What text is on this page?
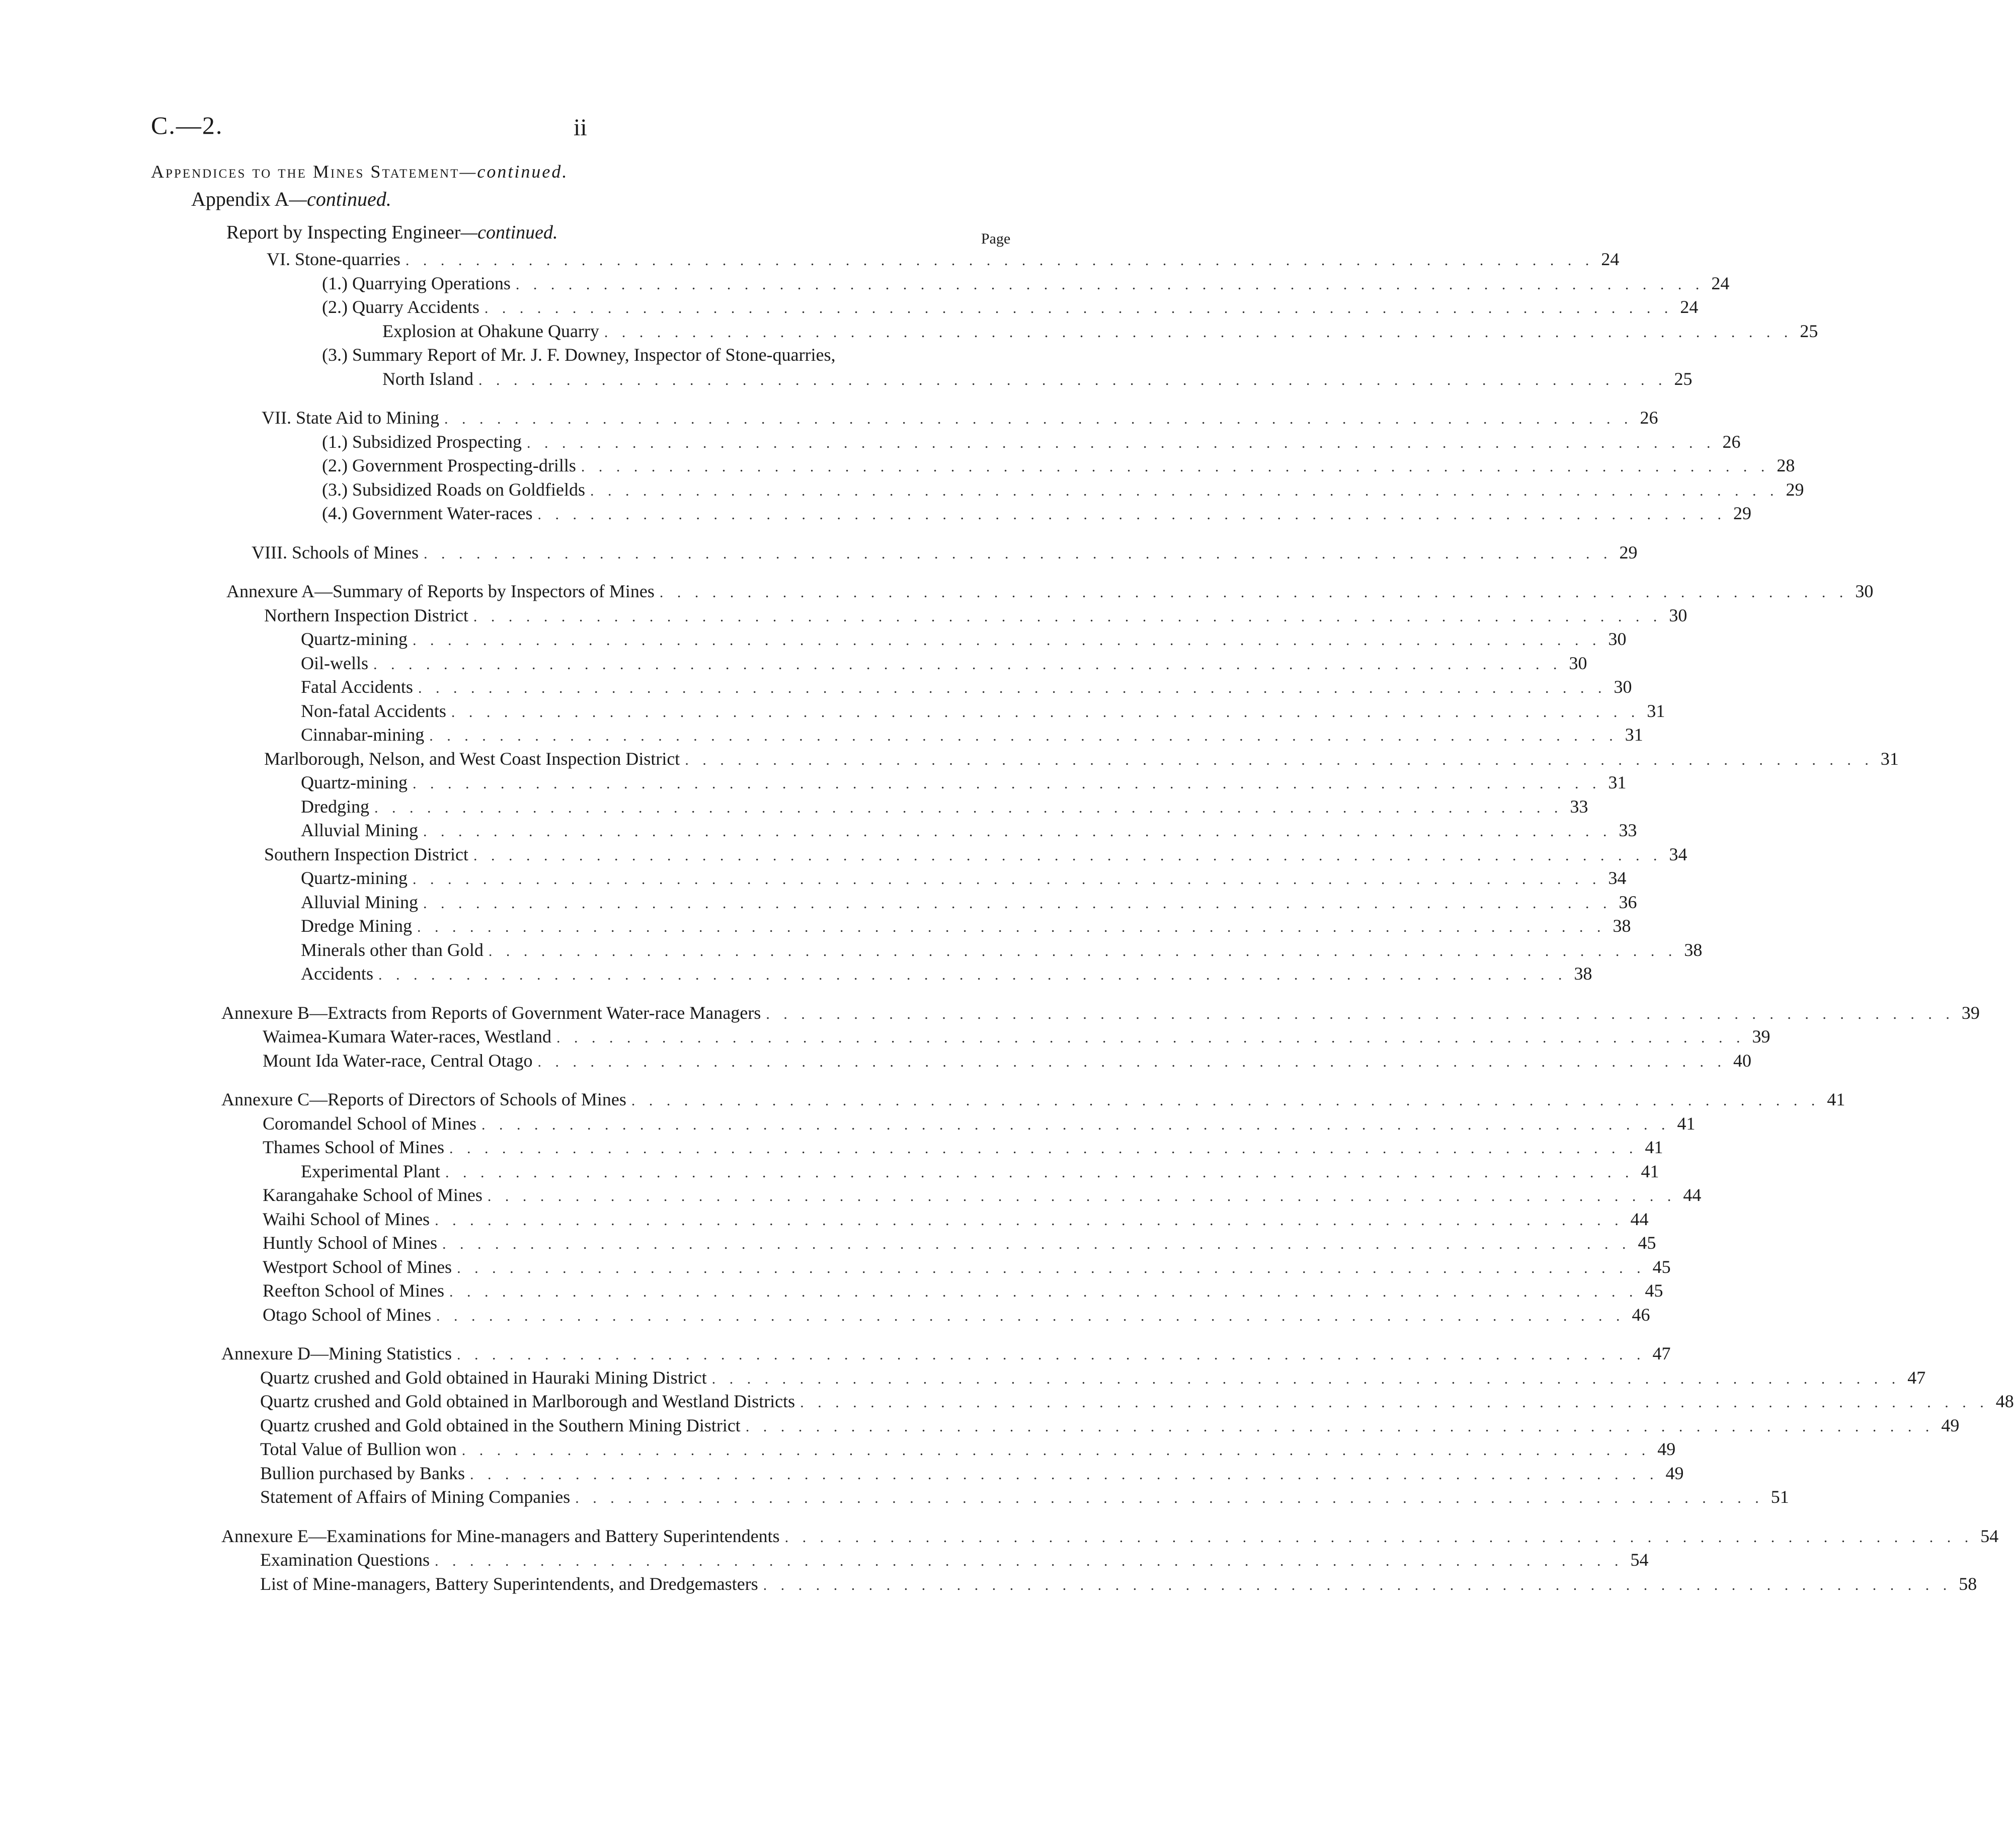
C.—2.	ii
Appendices to the Mines Statement—continued.
Appendix A—continued.
Report by Inspecting Engineer—continued.	Page
VI. Stone-quarries . . . . . . . . . . . . . . . . . . . . . . . . . . . . . . . . . . . . . . . . . . . . . . . . . . . . . . . . . . . . . . . . . . . . 24
(1.) Quarrying Operations . . . . . . . . . . . . . . . . . . . . . . . . . . . . . . . . . . . . . . . . . . . . . . . . . . . . . . . . . . . . . . . . . . . . 24
(2.) Quarry Accidents . . . . . . . . . . . . . . . . . . . . . . . . . . . . . . . . . . . . . . . . . . . . . . . . . . . . . . . . . . . . . . . . . . . . 24
Explosion at Ohakune Quarry . . . . . . . . . . . . . . . . . . . . . . . . . . . . . . . . . . . . . . . . . . . . . . . . . . . . . . . . . . . . . . . . . . . . 25
(3.) Summary Report of Mr. J. F. Downey, Inspector of Stone-quarries,
North Island . . . . . . . . . . . . . . . . . . . . . . . . . . . . . . . . . . . . . . . . . . . . . . . . . . . . . . . . . . . . . . . . . . . . 25
VII. State Aid to Mining . . . . . . . . . . . . . . . . . . . . . . . . . . . . . . . . . . . . . . . . . . . . . . . . . . . . . . . . . . . . . . . . . . . . 26
(1.) Subsidized Prospecting . . . . . . . . . . . . . . . . . . . . . . . . . . . . . . . . . . . . . . . . . . . . . . . . . . . . . . . . . . . . . . . . . . . . 26
(2.) Government Prospecting-drills . . . . . . . . . . . . . . . . . . . . . . . . . . . . . . . . . . . . . . . . . . . . . . . . . . . . . . . . . . . . . . . . . . . . 28
(3.) Subsidized Roads on Goldfields . . . . . . . . . . . . . . . . . . . . . . . . . . . . . . . . . . . . . . . . . . . . . . . . . . . . . . . . . . . . . . . . . . . . 29
(4.) Government Water-races . . . . . . . . . . . . . . . . . . . . . . . . . . . . . . . . . . . . . . . . . . . . . . . . . . . . . . . . . . . . . . . . . . . . 29
VIII. Schools of Mines . . . . . . . . . . . . . . . . . . . . . . . . . . . . . . . . . . . . . . . . . . . . . . . . . . . . . . . . . . . . . . . . . . . . 29
Annexure A—Summary of Reports by Inspectors of Mines . . . . . . . . . . . . . . . . . . . . . . . . . . . . . . . . . . . . . . . . . . . . . . . . . . . . . . . . . . . . . . . . . . . . 30
Northern Inspection District . . . . . . . . . . . . . . . . . . . . . . . . . . . . . . . . . . . . . . . . . . . . . . . . . . . . . . . . . . . . . . . . . . . . 30
Quartz-mining . . . . . . . . . . . . . . . . . . . . . . . . . . . . . . . . . . . . . . . . . . . . . . . . . . . . . . . . . . . . . . . . . . . . 30
Oil-wells . . . . . . . . . . . . . . . . . . . . . . . . . . . . . . . . . . . . . . . . . . . . . . . . . . . . . . . . . . . . . . . . . . . . 30
Fatal Accidents . . . . . . . . . . . . . . . . . . . . . . . . . . . . . . . . . . . . . . . . . . . . . . . . . . . . . . . . . . . . . . . . . . . . 30
Non-fatal Accidents . . . . . . . . . . . . . . . . . . . . . . . . . . . . . . . . . . . . . . . . . . . . . . . . . . . . . . . . . . . . . . . . . . . . 31
Cinnabar-mining . . . . . . . . . . . . . . . . . . . . . . . . . . . . . . . . . . . . . . . . . . . . . . . . . . . . . . . . . . . . . . . . . . . . 31
Marlborough, Nelson, and West Coast Inspection District . . . . . . . . . . . . . . . . . . . . . . . . . . . . . . . . . . . . . . . . . . . . . . . . . . . . . . . . . . . . . . . . . . . . 31
Quartz-mining . . . . . . . . . . . . . . . . . . . . . . . . . . . . . . . . . . . . . . . . . . . . . . . . . . . . . . . . . . . . . . . . . . . . 31
Dredging . . . . . . . . . . . . . . . . . . . . . . . . . . . . . . . . . . . . . . . . . . . . . . . . . . . . . . . . . . . . . . . . . . . . 33
Alluvial Mining . . . . . . . . . . . . . . . . . . . . . . . . . . . . . . . . . . . . . . . . . . . . . . . . . . . . . . . . . . . . . . . . . . . . 33
Southern Inspection District . . . . . . . . . . . . . . . . . . . . . . . . . . . . . . . . . . . . . . . . . . . . . . . . . . . . . . . . . . . . . . . . . . . . 34
Quartz-mining . . . . . . . . . . . . . . . . . . . . . . . . . . . . . . . . . . . . . . . . . . . . . . . . . . . . . . . . . . . . . . . . . . . . 34
Alluvial Mining . . . . . . . . . . . . . . . . . . . . . . . . . . . . . . . . . . . . . . . . . . . . . . . . . . . . . . . . . . . . . . . . . . . . 36
Dredge Mining . . . . . . . . . . . . . . . . . . . . . . . . . . . . . . . . . . . . . . . . . . . . . . . . . . . . . . . . . . . . . . . . . . . . 38
Minerals other than Gold . . . . . . . . . . . . . . . . . . . . . . . . . . . . . . . . . . . . . . . . . . . . . . . . . . . . . . . . . . . . . . . . . . . . 38
Accidents . . . . . . . . . . . . . . . . . . . . . . . . . . . . . . . . . . . . . . . . . . . . . . . . . . . . . . . . . . . . . . . . . . . . 38
Annexure B—Extracts from Reports of Government Water-race Managers . . . . . . . . . . . . . . . . . . . . . . . . . . . . . . . . . . . . . . . . . . . . . . . . . . . . . . . . . . . . . . . . . . . . 39
Waimea-Kumara Water-races, Westland . . . . . . . . . . . . . . . . . . . . . . . . . . . . . . . . . . . . . . . . . . . . . . . . . . . . . . . . . . . . . . . . . . . . 39
Mount Ida Water-race, Central Otago . . . . . . . . . . . . . . . . . . . . . . . . . . . . . . . . . . . . . . . . . . . . . . . . . . . . . . . . . . . . . . . . . . . . 40
Annexure C—Reports of Directors of Schools of Mines . . . . . . . . . . . . . . . . . . . . . . . . . . . . . . . . . . . . . . . . . . . . . . . . . . . . . . . . . . . . . . . . . . . . 41
Coromandel School of Mines . . . . . . . . . . . . . . . . . . . . . . . . . . . . . . . . . . . . . . . . . . . . . . . . . . . . . . . . . . . . . . . . . . . . 41
Thames School of Mines . . . . . . . . . . . . . . . . . . . . . . . . . . . . . . . . . . . . . . . . . . . . . . . . . . . . . . . . . . . . . . . . . . . . 41
Experimental Plant . . . . . . . . . . . . . . . . . . . . . . . . . . . . . . . . . . . . . . . . . . . . . . . . . . . . . . . . . . . . . . . . . . . . 41
Karangahake School of Mines . . . . . . . . . . . . . . . . . . . . . . . . . . . . . . . . . . . . . . . . . . . . . . . . . . . . . . . . . . . . . . . . . . . . 44
Waihi School of Mines . . . . . . . . . . . . . . . . . . . . . . . . . . . . . . . . . . . . . . . . . . . . . . . . . . . . . . . . . . . . . . . . . . . . 44
Huntly School of Mines . . . . . . . . . . . . . . . . . . . . . . . . . . . . . . . . . . . . . . . . . . . . . . . . . . . . . . . . . . . . . . . . . . . . 45
Westport School of Mines . . . . . . . . . . . . . . . . . . . . . . . . . . . . . . . . . . . . . . . . . . . . . . . . . . . . . . . . . . . . . . . . . . . . 45
Reefton School of Mines . . . . . . . . . . . . . . . . . . . . . . . . . . . . . . . . . . . . . . . . . . . . . . . . . . . . . . . . . . . . . . . . . . . . 45
Otago School of Mines . . . . . . . . . . . . . . . . . . . . . . . . . . . . . . . . . . . . . . . . . . . . . . . . . . . . . . . . . . . . . . . . . . . . 46
Annexure D—Mining Statistics . . . . . . . . . . . . . . . . . . . . . . . . . . . . . . . . . . . . . . . . . . . . . . . . . . . . . . . . . . . . . . . . . . . . 47
Quartz crushed and Gold obtained in Hauraki Mining District . . . . . . . . . . . . . . . . . . . . . . . . . . . . . . . . . . . . . . . . . . . . . . . . . . . . . . . . . . . . . . . . . . . . 47
Quartz crushed and Gold obtained in Marlborough and Westland Districts . . . . . . . . . . . . . . . . . . . . . . . . . . . . . . . . . . . . . . . . . . . . . . . . . . . . . . . . . . . . . . . . . . . . 48
Quartz crushed and Gold obtained in the Southern Mining District . . . . . . . . . . . . . . . . . . . . . . . . . . . . . . . . . . . . . . . . . . . . . . . . . . . . . . . . . . . . . . . . . . . . 49
Total Value of Bullion won . . . . . . . . . . . . . . . . . . . . . . . . . . . . . . . . . . . . . . . . . . . . . . . . . . . . . . . . . . . . . . . . . . . . 49
Bullion purchased by Banks . . . . . . . . . . . . . . . . . . . . . . . . . . . . . . . . . . . . . . . . . . . . . . . . . . . . . . . . . . . . . . . . . . . . 49
Statement of Affairs of Mining Companies . . . . . . . . . . . . . . . . . . . . . . . . . . . . . . . . . . . . . . . . . . . . . . . . . . . . . . . . . . . . . . . . . . . . 51
Annexure E—Examinations for Mine-managers and Battery Superintendents . . . . . . . . . . . . . . . . . . . . . . . . . . . . . . . . . . . . . . . . . . . . . . . . . . . . . . . . . . . . . . . . . . . . 54
Examination Questions . . . . . . . . . . . . . . . . . . . . . . . . . . . . . . . . . . . . . . . . . . . . . . . . . . . . . . . . . . . . . . . . . . . . 54
List of Mine-managers, Battery Superintendents, and Dredgemasters . . . . . . . . . . . . . . . . . . . . . . . . . . . . . . . . . . . . . . . . . . . . . . . . . . . . . . . . . . . . . . . . . . . . 58
